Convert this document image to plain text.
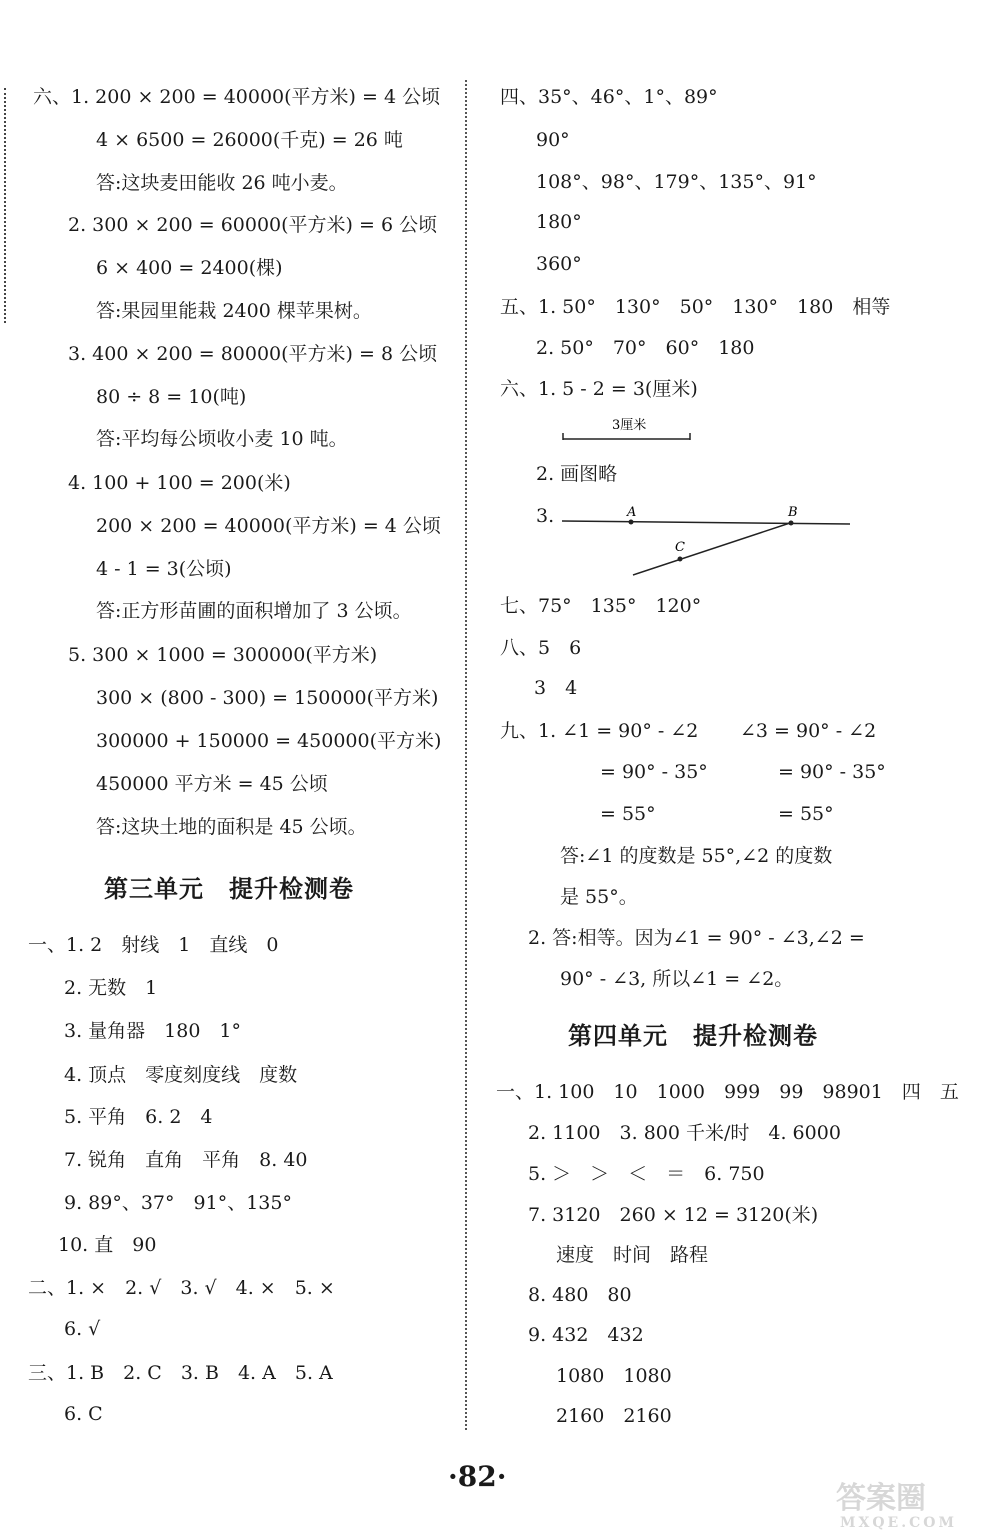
六、1. 200 × 200 = 40000(平方米) = 4 公顷
4 × 6500 = 26000(千克) = 26 吨
答:这块麦田能收 26 吨小麦。
2. 300 × 200 = 60000(平方米) = 6 公顷
6 × 400 = 2400(棵)
答:果园里能栽 2400 棵苹果树。
3. 400 × 200 = 80000(平方米) = 8 公顷
80 ÷ 8 = 10(吨)
答:平均每公顷收小麦 10 吨。
4. 100 + 100 = 200(米)
200 × 200 = 40000(平方米) = 4 公顷
4 - 1 = 3(公顷)
答:正方形苗圃的面积增加了 3 公顷。
5. 300 × 1000 = 300000(平方米)
300 × (800 - 300) = 150000(平方米)
300000 + 150000 = 450000(平方米)
450000 平方米 = 45 公顷
答:这块土地的面积是 45 公顷。
第三单元　提升检测卷
一、1. 2　射线　1　直线　0
2. 无数　1
3. 量角器　180　1°
4. 顶点　零度刻度线　度数
5. 平角　6. 2　4
7. 锐角　直角　平角　8. 40
9. 89°、37°　91°、135°
10. 直　90
二、1. ×　2. √　3. √　4. ×　5. ×
6. √
三、1. B　2. C　3. B　4. A　5. A
6. C
四、35°、46°、1°、89°
90°
108°、98°、179°、135°、91°
180°
360°
五、1. 50°　130°　50°　130°　180　相等
2. 50°　70°　60°　180
六、1. 5 - 2 = 3(厘米)
3厘米
2. 画图略
3.	A	B
C
七、75°　135°　120°
八、5　6
3　4
九、1. ∠1 = 90° - ∠2 ∠3 = 90° - ∠2
= 90° - 35°	= 90° - 35°
= 55°	= 55°
答:∠1 的度数是 55°,∠2 的度数
是 55°。
2. 答:相等。因为∠1 = 90° - ∠3,∠2 =
90° - ∠3, 所以∠1 = ∠2。
第四单元　提升检测卷
一、1. 100　10　1000　999　99　98901　四　五
2. 1100　3. 800 千米/时　4. 6000
5. ＞　＞　＜　＝　6. 750
7. 3120　260 × 12 = 3120(米)
速度　时间　路程
8. 480　80
9. 432　432
1080　1080
2160　2160
·82·
答案圈
MXQE.COM
